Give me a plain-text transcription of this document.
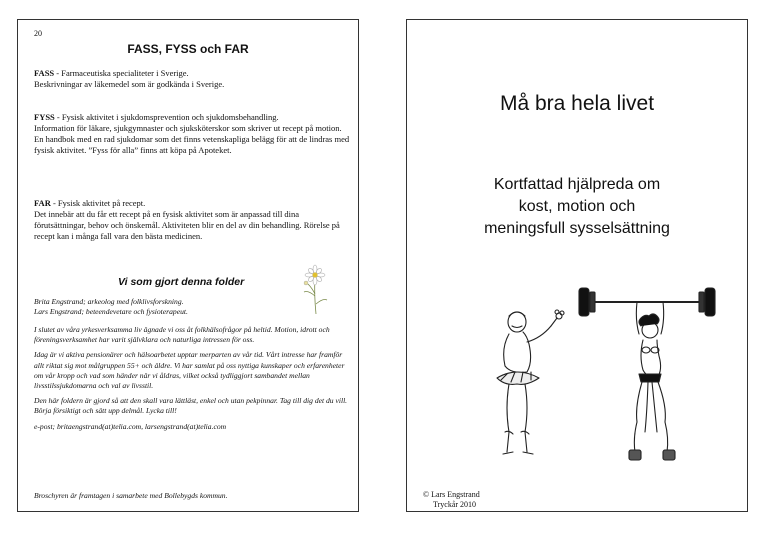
20
FASS, FYSS och FAR

FASS - Farmaceutiska specialiteter i Sverige.

Beskrivningar av läkemedel som är godkända i Sverige.

FYSS - Fysisk aktivitet i sjukdomsprevention och sjukdomsbehandling.

Information för läkare, sjukgymnaster och sjuksköterskor som skriver ut recept på motion. En handbok med en rad sjukdomar som det finns vetenskapliga belägg för att de lindras med fysisk aktivitet. ”Fyss för alla” finns att köpa på Apoteket.

FAR - Fysisk aktivitet på recept.

Det innebär att du får ett recept på en fysisk aktivitet som är anpassad till dina förutsättningar, behov och önskemål. Aktiviteten blir en del av din behandling. Rörelse på recept kan i många fall vara den bästa medicinen.

Vi som gjort denna folder
Brita Engstrand; arkeolog med folklivsforskning.
Lars Engstrand; beteendevetare och fysioterapeut.

I slutet av våra yrkesverksamma liv ägnade vi oss åt folkhälsofrågor på heltid. Motion, idrott och föreningsverksamhet har varit självklara och naturliga intressen för oss.

Idag är vi aktiva pensionärer och hälsoarbetet upptar merparten av vår tid. Vårt intresse har framför allt riktat sig mot målgruppen 55+ och äldre. Vi har samlat på oss nyttiga kunskaper och erfarenheter om vår kropp och vad som händer när vi åldras, vilket också tydliggjort sambandet mellan livsstilssjukdomarna och val av livsstil.

Den här foldern är gjord så att den skall vara lättläst, enkel och utan pekpinnar. Tag till dig det du vill. Börja försiktigt och sätt upp delmål. Lycka till!

e-post; britaengstrand(at)telia.com, larsengstrand(at)telia.com

Broschyren är framtagen i samarbete med Bollebygds kommun.
Må bra hela livet
Kortfattad hjälpreda om
kost, motion och
meningsfull sysselsättning
© Lars Engstrand
Tryckår 2010
